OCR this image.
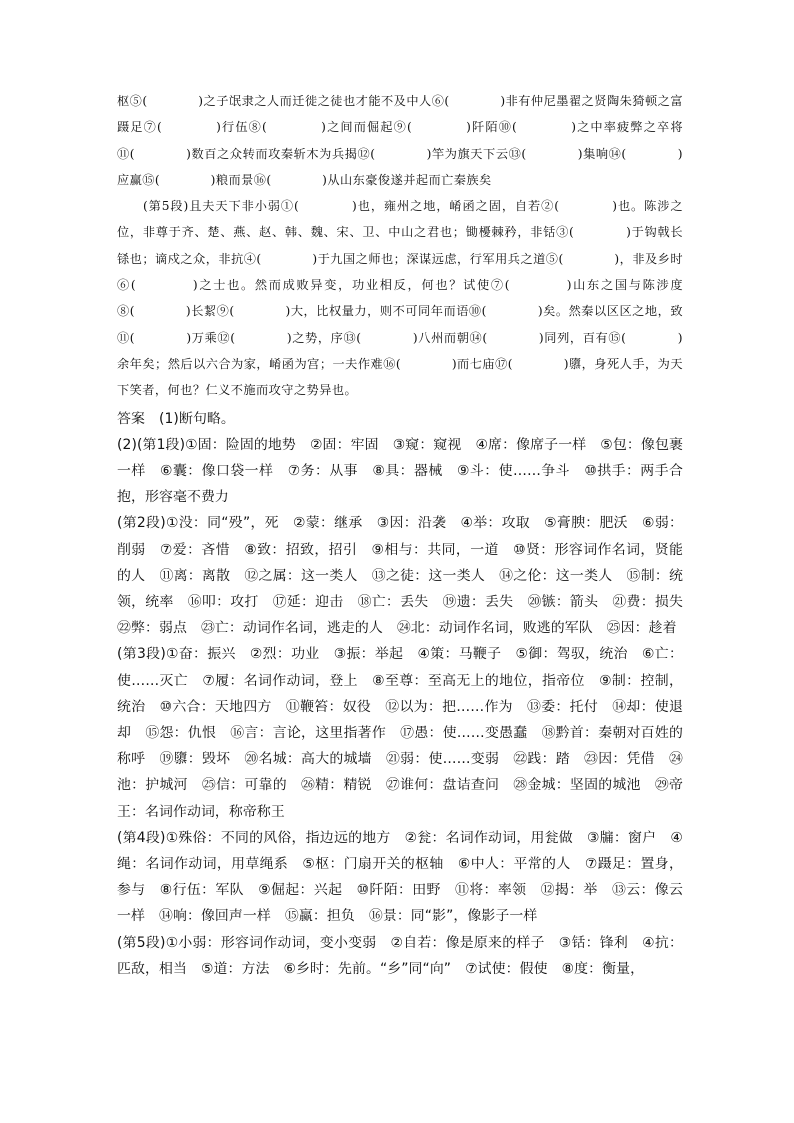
枢⑤(　　　　)之子氓隶之人而迁徙之徒也才能不及中人⑥(　　　　)非有仲尼墨翟之贤陶朱猗顿之富蹑足⑦(　　　　)行伍⑧(　　　　)之间而倔起⑨(　　　　)阡陌⑩(　　　　)之中率疲弊之卒将⑪(　　　　)数百之众转而攻秦斩木为兵揭⑫(　　　　)竿为旗天下云⑬(　　　　)集响⑭(　　　　)应赢⑮(　　　　)粮而景⑯(　　　　)从山东豪俊遂并起而亡秦族矣

(第5段)且夫天下非小弱①(　　　　)也，雍州之地，崤函之固，自若②(　　　　)也。陈涉之位，非尊于齐、楚、燕、赵、韩、魏、宋、卫、中山之君也；锄櫌棘矜，非铦③(　　　　)于钩戟长铩也；谪戍之众，非抗④(　　　　)于九国之师也；深谋远虑，行军用兵之道⑤(　　　　)，非及乡时⑥(　　　　)之士也。然而成败异变，功业相反，何也？试使⑦(　　　　)山东之国与陈涉度⑧(　　　　)长絜⑨(　　　　)大，比权量力，则不可同年而语⑩(　　　　)矣。然秦以区区之地，致⑪(　　　　)万乘⑫(　　　　)之势，序⑬(　　　　)八州而朝⑭(　　　　)同列，百有⑮(　　　　)余年矣；然后以六合为家，崤函为宫；一夫作难⑯(　　　　)而七庙⑰(　　　　)隳，身死人手，为天下笑者，何也？仁义不施而攻守之势异也。

答案　(1)断句略。

(2)(第1段)①固：险固的地势　②固：牢固　③窥：窥视　④席：像席子一样　⑤包：像包裹一样　⑥囊：像口袋一样　⑦务：从事　⑧具：器械　⑨斗：使……争斗　⑩拱手：两手合抱，形容毫不费力

(第2段)①没：同“殁”，死　②蒙：继承　③因：沿袭　④举：攻取　⑤膏腴：肥沃　⑥弱：削弱　⑦爱：吝惜　⑧致：招致，招引　⑨相与：共同，一道　⑩贤：形容词作名词，贤能的人　⑪离：离散　⑫之属：这一类人　⑬之徒：这一类人　⑭之伦：这一类人　⑮制：统领，统率　⑯叩：攻打　⑰延：迎击　⑱亡：丢失　⑲遗：丢失　⑳镞：箭头　㉑费：损失　㉒弊：弱点　㉓亡：动词作名词，逃走的人　㉔北：动词作名词，败逃的军队　㉕因：趁着

(第3段)①奋：振兴　②烈：功业　③振：举起　④策：马鞭子　⑤御：驾驭，统治　⑥亡：使……灭亡　⑦履：名词作动词，登上　⑧至尊：至高无上的地位，指帝位　⑨制：控制，统治　⑩六合：天地四方　⑪鞭笞：奴役　⑫以为：把……作为　⑬委：托付　⑭却：使退却　⑮怨：仇恨　⑯言：言论，这里指著作　⑰愚：使……变愚蠢　⑱黔首：秦朝对百姓的称呼　⑲隳：毁坏　⑳名城：高大的城墙　㉑弱：使……变弱　㉒践：踏　㉓因：凭借　㉔池：护城河　㉕信：可靠的　㉖精：精锐　㉗谁何：盘诘查问　㉘金城：坚固的城池　㉙帝王：名词作动词，称帝称王

(第4段)①殊俗：不同的风俗，指边远的地方　②瓮：名词作动词，用瓮做　③牖：窗户　④绳：名词作动词，用草绳系　⑤枢：门扇开关的枢轴　⑥中人：平常的人　⑦蹑足：置身，参与　⑧行伍：军队　⑨倔起：兴起　⑩阡陌：田野　⑪将：率领　⑫揭：举　⑬云：像云一样　⑭响：像回声一样　⑮赢：担负　⑯景：同“影”，像影子一样

(第5段)①小弱：形容词作动词，变小变弱　②自若：像是原来的样子　③铦：锋利　④抗：匹敌，相当　⑤道：方法　⑥乡时：先前。“乡”同“向”　⑦试使：假使　⑧度：衡量，
